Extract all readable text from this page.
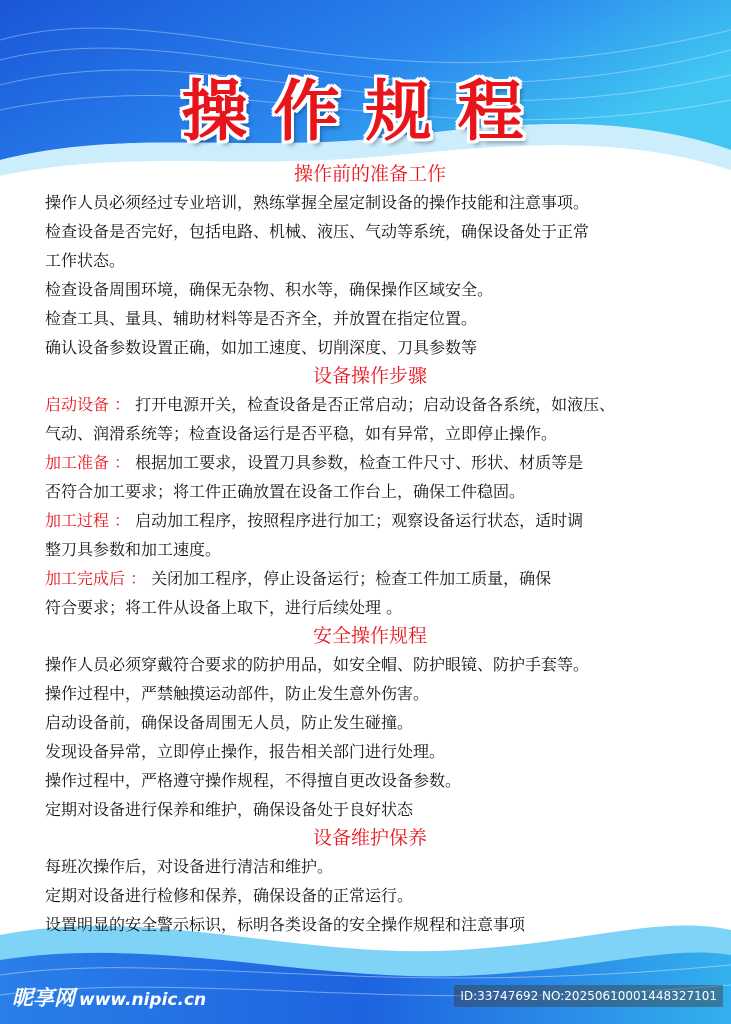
操作规程
操作前的准备工作
操作人员必须经过专业培训，熟练掌握全屋定制设备的操作技能和注意事项。
检查设备是否完好，包括电路、机械、液压、气动等系统，确保设备处于正常
工作状态。
检查设备周围环境，确保无杂物、积水等，确保操作区域安全。
检查工具、量具、辅助材料等是否齐全，并放置在指定位置。
确认设备参数设置正确，如加工速度、切削深度、刀具参数等
设备操作步骤
启动设备 ： 打开电源开关，检查设备是否正常启动；启动设备各系统，如液压、
气动、润滑系统等；检查设备运行是否平稳，如有异常，立即停止操作。
加工准备 ： 根据加工要求，设置刀具参数，检查工件尺寸、形状、材质等是
否符合加工要求；将工件正确放置在设备工作台上，确保工件稳固。
加工过程 ： 启动加工程序，按照程序进行加工；观察设备运行状态，适时调
整刀具参数和加工速度。
加工完成后 ： 关闭加工程序，停止设备运行；检查工件加工质量，确保
符合要求；将工件从设备上取下，进行后续处理 。
安全操作规程
操作人员必须穿戴符合要求的防护用品，如安全帽、防护眼镜、防护手套等。
操作过程中，严禁触摸运动部件，防止发生意外伤害。
启动设备前，确保设备周围无人员，防止发生碰撞。
发现设备异常，立即停止操作，报告相关部门进行处理。
操作过程中，严格遵守操作规程，不得擅自更改设备参数。
定期对设备进行保养和维护，确保设备处于良好状态
设备维护保养
每班次操作后，对设备进行清洁和维护。
定期对设备进行检修和保养，确保设备的正常运行。
设置明显的安全警示标识，标明各类设备的安全操作规程和注意事项
昵享网 www.nipic.cn	ID:33747692 NO:20250610001448327101
